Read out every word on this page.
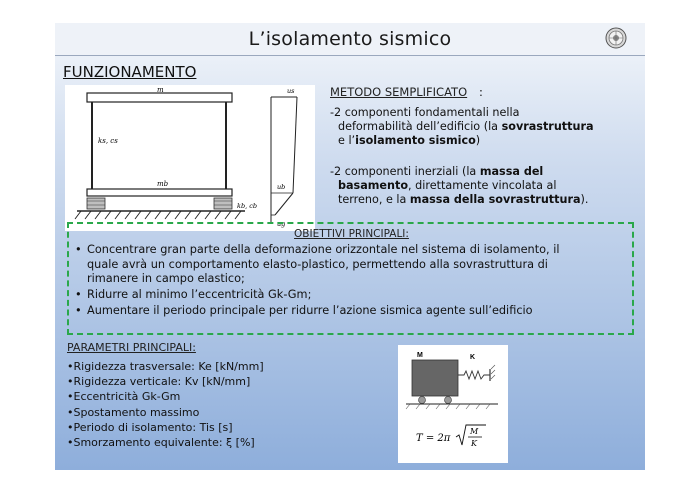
L’isolamento sismico
FUNZIONAMENTO
m
ks, cs
mb
kb, cb
us
ub
ug
METODO SEMPLIFICATO :
-2 componenti fondamentali nella

deformabilità dell’edificio (la sovrastruttura
e l’isolamento sismico)
-2 componenti inerziali (la massa del

basamento, direttamente vincolata al
terreno, e la massa della sovrastruttura).
OBIETTIVI PRINCIPALI:
• Concentrare gran parte della deformazione orizzontale nel sistema di isolamento, il
quale avrà un comportamento elasto-plastico, permettendo alla sovrastruttura di
rimanere in campo elastico;
• Ridurre al minimo l’eccentricità Gk-Gm;
• Aumentare il periodo principale per ridurre l’azione sismica agente sull’edificio
PARAMETRI PRINCIPALI:
•Rigidezza trasversale: Ke [kN/mm]
•Rigidezza verticale: Kv [kN/mm]
•Eccentricità Gk-Gm
•Spostamento massimo
•Periodo di isolamento: Tis [s]
•Smorzamento equivalente: ξ [%]
M	K
T = 2π
M
K
